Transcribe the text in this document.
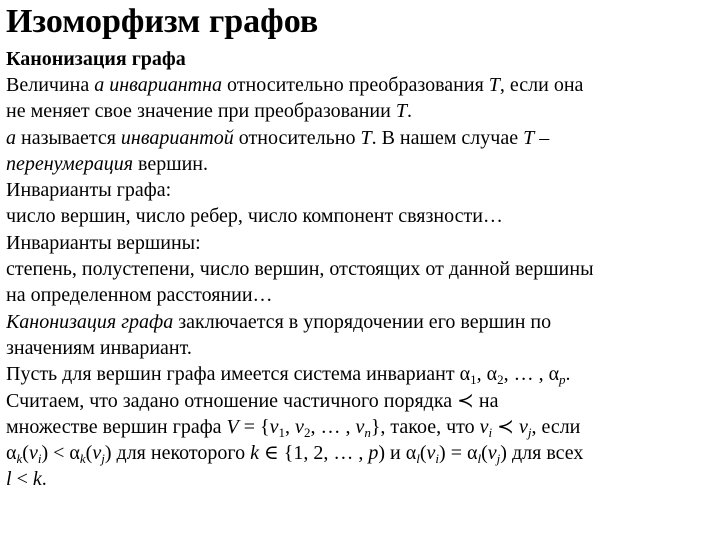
Изоморфизм графов
Канонизация графа
Величина a инвариантна относительно преобразования T, если она
не меняет свое значение при преобразовании T.
a называется инвариантой относительно T. В нашем случае T –
перенумерация вершин.
Инварианты графа:
число вершин, число ребер, число компонент связности…
Инварианты вершины:
степень, полустепени, число вершин, отстоящих от данной вершины
на определенном расстоянии…
Канонизация графа заключается в упорядочении его вершин по
значениям инвариант.
Пусть для вершин графа имеется система инвариант $\alpha_1$, $\alpha_2$, … , $\alpha_p$.
Считаем, что задано отношение частичного порядка ≺ на
множестве вершин графа $V = \{v_1$, $v_2$, … , $v_n$}, такое, что $v_i$ ≺ $v_j$, если
$\alpha_k(v_i) < \alpha_k(v_j)$ для некоторого k ∈ {1, 2, … , p) и $\alpha_l(v_i) = \alpha_l(v_j)$ для всех
l < k.
